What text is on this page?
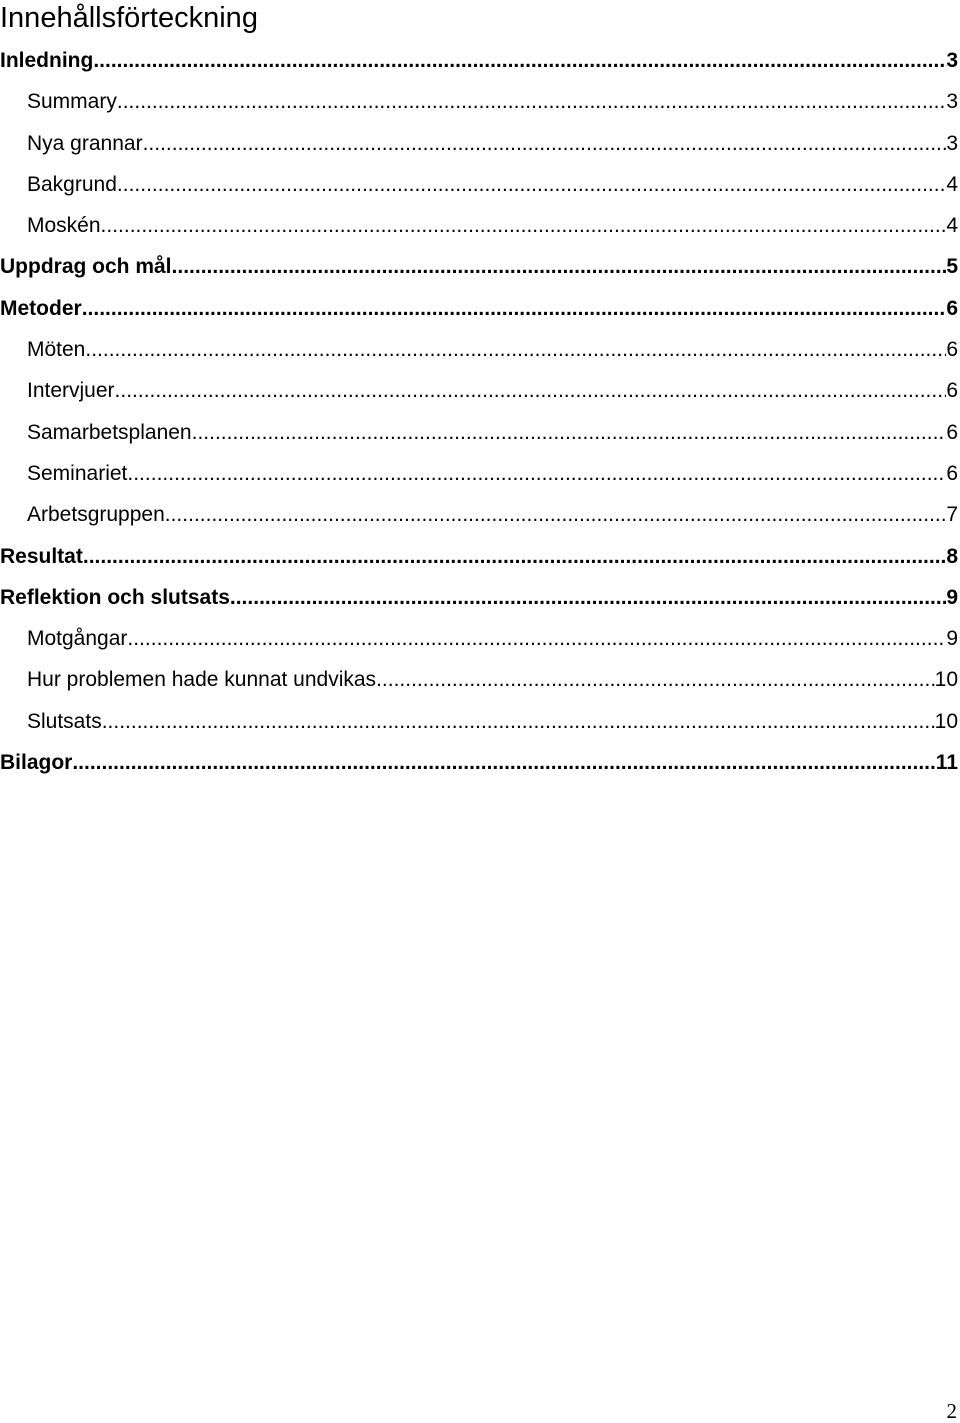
Innehållsförteckning
Inledning .....	3
Summary .....	3
Nya grannar .....	3
Bakgrund .....	4
Moskén .....	4
Uppdrag och mål .....	5
Metoder .....	6
Möten .....	6
Intervjuer .....	6
Samarbetsplanen .....	6
Seminariet .....	6
Arbetsgruppen .....	7
Resultat .....	8
Reflektion och slutsats .....	9
Motgångar .....	9
Hur problemen hade kunnat undvikas .....	10
Slutsats .....	10
Bilagor .....	11
2
